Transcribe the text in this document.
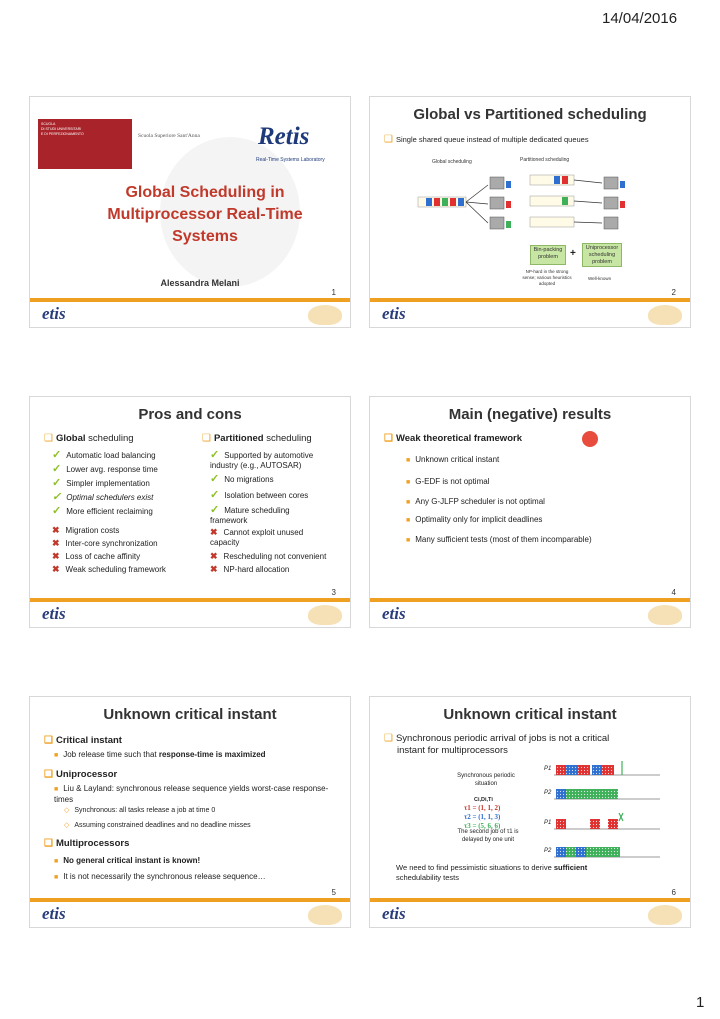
14/04/2016
SCUOLA
DI STUDI UNIVERSITARI
E DI PERFEZIONAMENTO	Scuola Superiore Sant'Anna Retis
Real-Time Systems Laboratory
Global Scheduling in
Multiprocessor Real-Time
Systems
Alessandra Melani
1
etis
Global vs Partitioned scheduling
❑ Single shared queue instead of multiple dedicated queues
Global scheduling	Partitioned scheduling
Bin-packing problem	+	Uniprocessor scheduling problem
NP-hard in the strong sense; various heuristics adopted
Well-known
2
etis
Pros and cons
❑ Global scheduling	❑ Partitioned scheduling
✓ Automatic load balancing
✓ Lower avg. response time
✓ Simpler implementation
✓ Optimal schedulers exist
✓ More efficient reclaiming
✖ Migration costs
✖ Inter-core synchronization
✖ Loss of cache affinity
✖ Weak scheduling framework
✓ Supported by automotive industry (e.g., AUTOSAR)
✓ No migrations
✓ Isolation between cores
✓ Mature scheduling framework
✖ Cannot exploit unused capacity
✖ Rescheduling not convenient
✖ NP-hard allocation
3
etis
Main (negative) results
❑ Weak theoretical framework
■ Unknown critical instant
■ G-EDF is not optimal
■ Any G-JLFP scheduler is not optimal
■ Optimality only for implicit deadlines
■ Many sufficient tests (most of them incomparable)
4
etis
Unknown critical instant
❑ Critical instant
■ Job release time such that response-time is maximized
❑ Uniprocessor
■ Liu & Layland: synchronous release sequence yields worst-case response-times
◇ Synchronous: all tasks release a job at time 0
◇ Assuming constrained deadlines and no deadline misses
❑ Multiprocessors
■ No general critical instant is known!
■ It is not necessarily the synchronous release sequence…
5
etis
Unknown critical instant
❑ Synchronous periodic arrival of jobs is not a critical
instant for multiprocessors
Synchronous periodic situation
Ci,Di,Ti
τ1 = (1, 1, 2)
τ2 = (1, 1, 3)
τ3 = (5, 6, 6)
The second job of τ1 is delayed by one unit
P1
P2
P1
P2
We need to find pessimistic situations to derive sufficient
schedulability tests
6
etis
1
